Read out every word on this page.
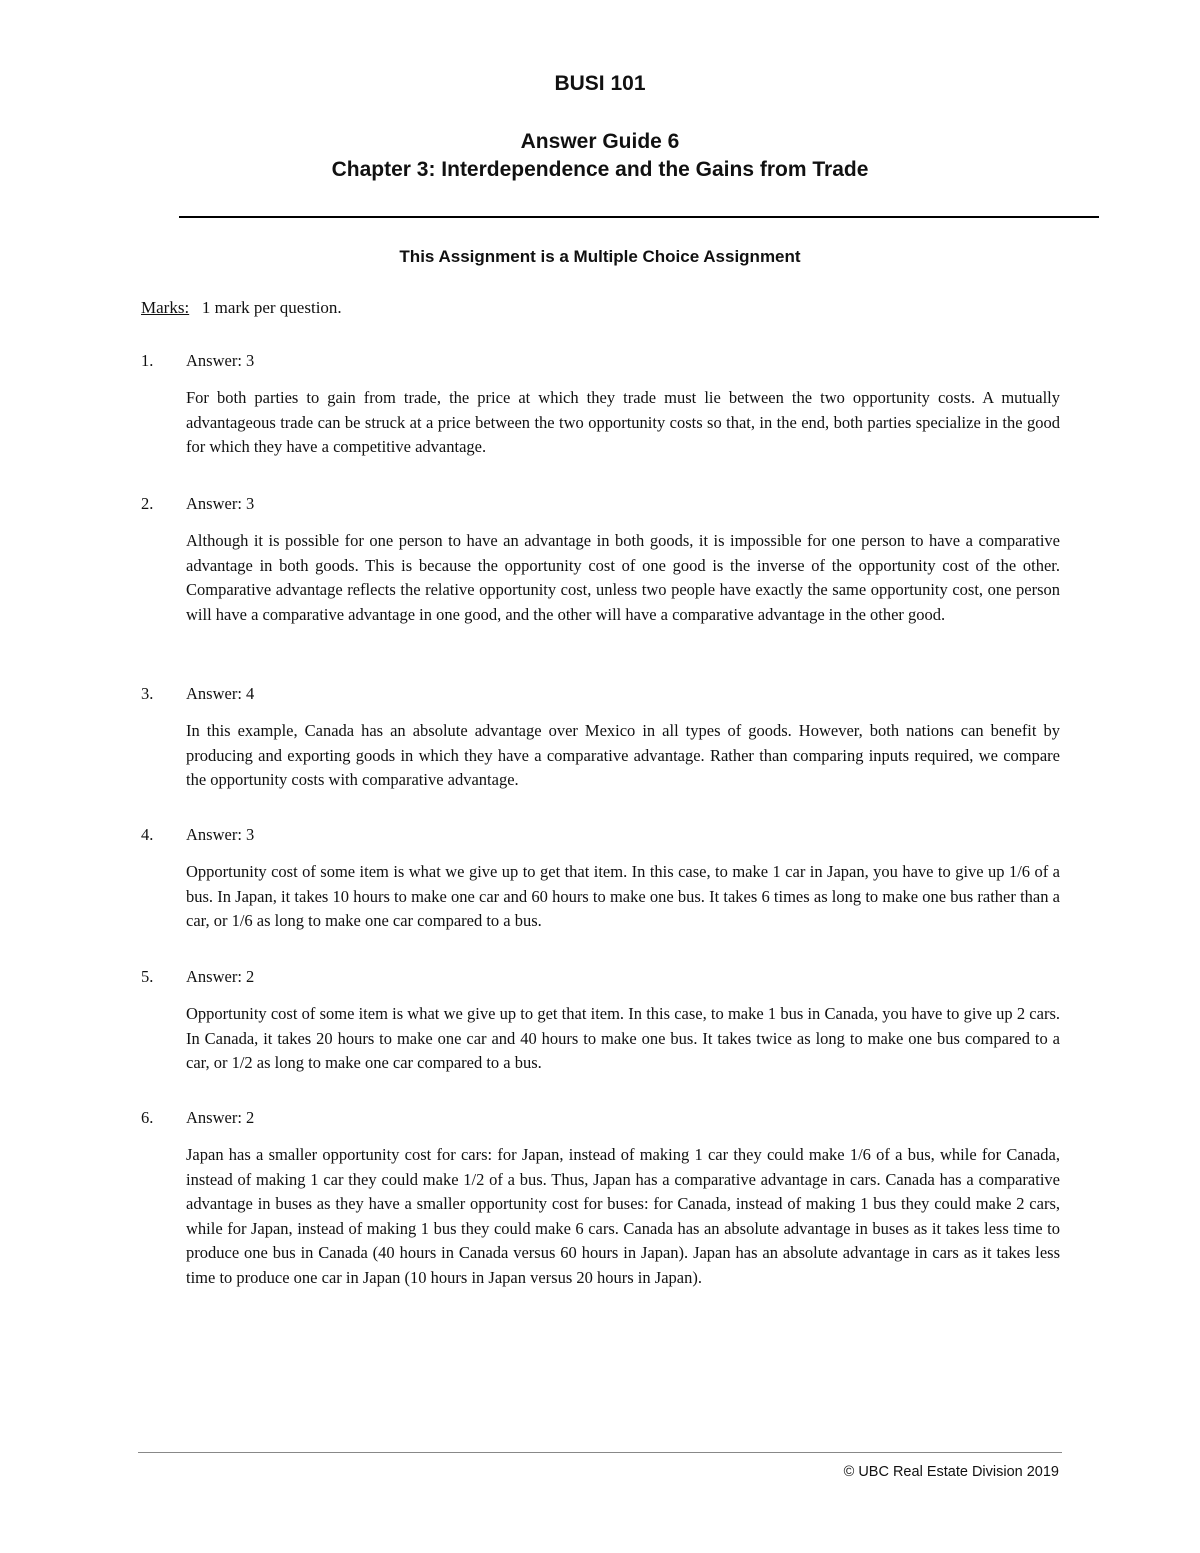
BUSI 101
Answer Guide 6
Chapter 3: Interdependence and the Gains from Trade
This Assignment is a Multiple Choice Assignment
Marks: 1 mark per question.
1. Answer: 3

For both parties to gain from trade, the price at which they trade must lie between the two opportunity costs. A mutually advantageous trade can be struck at a price between the two opportunity costs so that, in the end, both parties specialize in the good for which they have a competitive advantage.

2. Answer: 3

Although it is possible for one person to have an advantage in both goods, it is impossible for one person to have a comparative advantage in both goods. This is because the opportunity cost of one good is the inverse of the opportunity cost of the other. Comparative advantage reflects the relative opportunity cost, unless two people have exactly the same opportunity cost, one person will have a comparative advantage in one good, and the other will have a comparative advantage in the other good.

3. Answer: 4

In this example, Canada has an absolute advantage over Mexico in all types of goods. However, both nations can benefit by producing and exporting goods in which they have a comparative advantage. Rather than comparing inputs required, we compare the opportunity costs with comparative advantage.

4. Answer: 3

Opportunity cost of some item is what we give up to get that item. In this case, to make 1 car in Japan, you have to give up 1/6 of a bus. In Japan, it takes 10 hours to make one car and 60 hours to make one bus. It takes 6 times as long to make one bus rather than a car, or 1/6 as long to make one car compared to a bus.

5. Answer: 2

Opportunity cost of some item is what we give up to get that item. In this case, to make 1 bus in Canada, you have to give up 2 cars. In Canada, it takes 20 hours to make one car and 40 hours to make one bus. It takes twice as long to make one bus compared to a car, or 1/2 as long to make one car compared to a bus.

6. Answer: 2

Japan has a smaller opportunity cost for cars: for Japan, instead of making 1 car they could make 1/6 of a bus, while for Canada, instead of making 1 car they could make 1/2 of a bus. Thus, Japan has a comparative advantage in cars. Canada has a comparative advantage in buses as they have a smaller opportunity cost for buses: for Canada, instead of making 1 bus they could make 2 cars, while for Japan, instead of making 1 bus they could make 6 cars. Canada has an absolute advantage in buses as it takes less time to produce one bus in Canada (40 hours in Canada versus 60 hours in Japan). Japan has an absolute advantage in cars as it takes less time to produce one car in Japan (10 hours in Japan versus 20 hours in Japan).

© UBC Real Estate Division 2019
